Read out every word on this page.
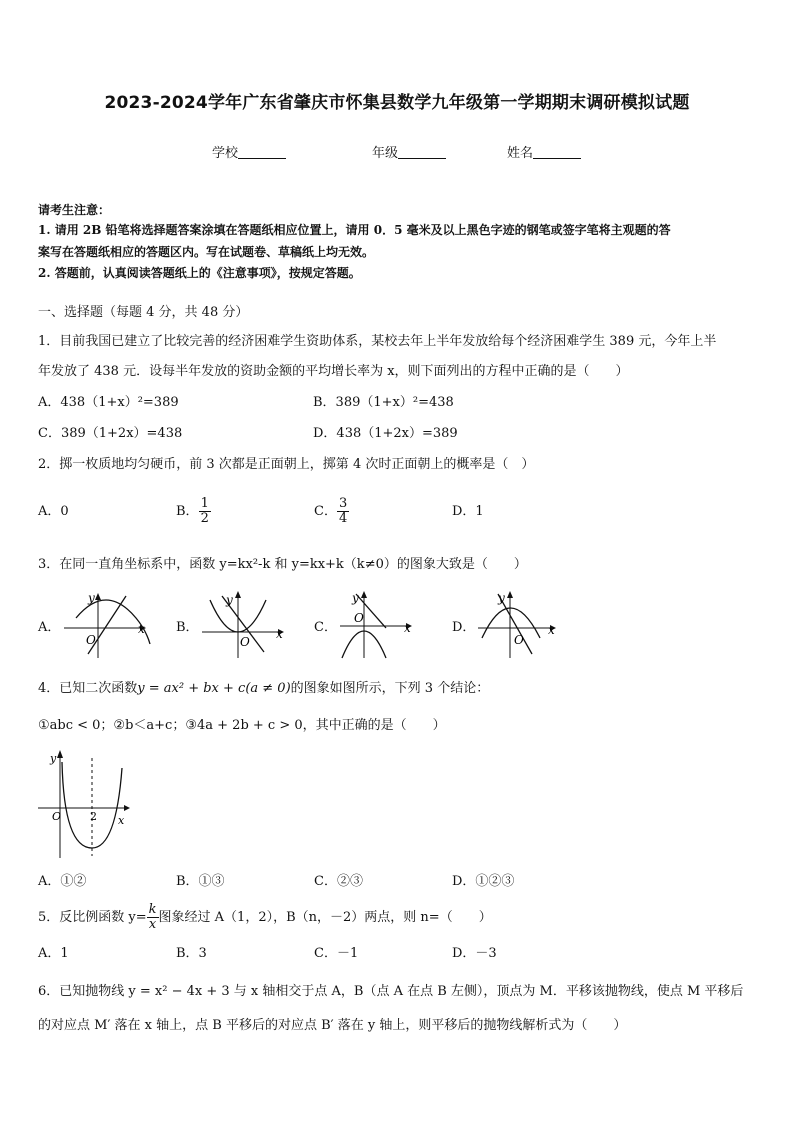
2023-2024学年广东省肇庆市怀集县数学九年级第一学期期末调研模拟试题
学校	年级	姓名
请考生注意：
1. 请用 2B 铅笔将选择题答案涂填在答题纸相应位置上，请用 0．5 毫米及以上黑色字迹的钢笔或签字笔将主观题的答
案写在答题纸相应的答题区内。写在试题卷、草稿纸上均无效。
2. 答题前，认真阅读答题纸上的《注意事项》，按规定答题。
一、选择题（每题 4 分，共 48 分）
1．目前我国已建立了比较完善的经济困难学生资助体系，某校去年上半年发放给每个经济困难学生 389 元，今年上半
年发放了 438 元．设每半年发放的资助金额的平均增长率为 x，则下面列出的方程中正确的是（　　）
A．438（1+x）²=389	B．389（1+x）²=438
C．389（1+2x）=438	D．438（1+2x）=389
2．掷一枚质地均匀硬币，前 3 次都是正面朝上，掷第 4 次时正面朝上的概率是（　）
A．0	B． $\frac{1}{2}$	C． $\frac{3}{4}$	D．1
3．在同一直角坐标系中，函数 y=kx²-k 和 y=kx+k（k≠0）的图象大致是（　　）
A．
y
x
O
B．
y
x
O
C．
y
x
O
D．
y
x
O
4．已知二次函数y = ax² + bx + c(a ≠ 0)的图象如图所示，下列 3 个结论：
①abc < 0；②b＜a+c；③4a + 2b + c > 0，其中正确的是（　　）
y
x
O	2
A．①②	B．①③	C．②③	D．①②③
5．反比例函数 $y= \frac{k}{x}$ 图象经过 A（1，2），B（n，－2）两点，则 n=（　　）
A．1	B．3	C．－1	D．－3
6．已知抛物线 y = x² − 4x + 3 与 x 轴相交于点 A，B（点 A 在点 B 左侧），顶点为 M．平移该抛物线，使点 M 平移后
的对应点 M′ 落在 x 轴上，点 B 平移后的对应点 B′ 落在 y 轴上，则平移后的抛物线解析式为（　　）
